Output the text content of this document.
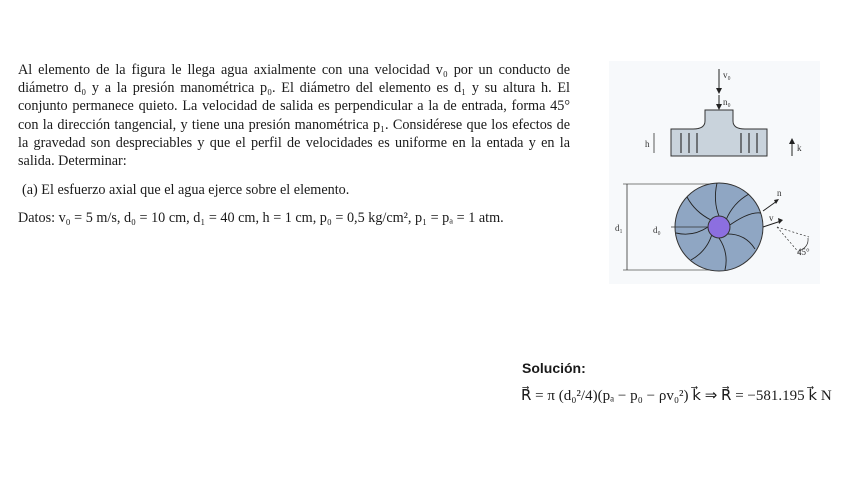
Al elemento de la figura le llega agua axialmente con una velocidad v₀ por un conducto de diámetro d₀ y a la presión manométrica p₀. El diámetro del elemento es d₁ y su altura h. El conjunto permanece quieto. La velocidad de salida es perpendicular a la de entrada, forma 45° con la dirección tangencial, y tiene una presión manométrica p₁. Considérese que los efectos de la gravedad son despreciables y que el perfil de velocidades es uniforme en la entada y en la salida. Determinar:

(a) El esfuerzo axial que el agua ejerce sobre el elemento.

Datos: v₀ = 5 m/s, d₀ = 10 cm, d₁ = 40 cm, h = 1 cm, p₀ = 0,5 kg/cm², p₁ = pₐ = 1 atm.

v₀
n₀
h	k
d₁	d₀
n
v
45°
Solución:
R⃗ = π (d₀²/4)(pₐ − p₀ − ρv₀²) k⃗ ⇒ R⃗ = −581.195 k⃗ N
